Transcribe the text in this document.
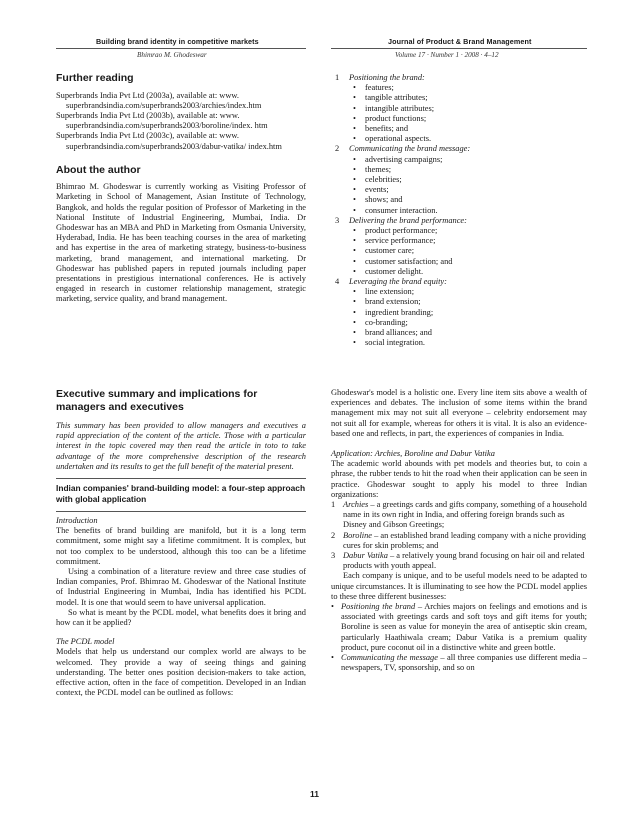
Building brand identity in competitive markets
Bhimrao M. Ghodeswar
Journal of Product & Brand Management
Volume 17 · Number 1 · 2008 · 4–12
Further reading

Superbrands India Pvt Ltd (2003a), available at: www. superbrandsindia.com/superbrands2003/archies/index.htm

Superbrands India Pvt Ltd (2003b), available at: www. superbrandsindia.com/superbrands2003/boroline/index. htm

Superbrands India Pvt Ltd (2003c), available at: www. superbrandsindia.com/superbrands2003/dabur-vatika/ index.htm

About the author

Bhimrao M. Ghodeswar is currently working as Visiting Professor of Marketing in School of Management, Asian Institute of Technology, Bangkok, and holds the regular position of Professor of Marketing in the National Institute of Industrial Engineering, Mumbai, India. Dr Ghodeswar has an MBA and PhD in Marketing from Osmania University, Hyderabad, India. He has been teaching courses in the area of marketing and has expertise in the area of marketing strategy, business-to-business marketing, brand management, and international marketing. Dr Ghodeswar has published papers in reputed journals including paper presentations in prestigious international conferences. He is actively engaged in research in customer relationship management, strategic marketing, service quality, and brand management.

1 Positioning the brand:
• features;
• tangible attributes;
• intangible attributes;
• product functions;
• benefits; and
• operational aspects.
2 Communicating the brand message:
• advertising campaigns;
• themes;
• celebrities;
• events;
• shows; and
• consumer interaction.
3 Delivering the brand performance:
• product performance;
• service performance;
• customer care;
• customer satisfaction; and
• customer delight.
4 Leveraging the brand equity:
• line extension;
• brand extension;
• ingredient branding;
• co-branding;
• brand alliances; and
• social integration.
Executive summary and implications for managers and executives

This summary has been provided to allow managers and executives a rapid appreciation of the content of the article. Those with a particular interest in the topic covered may then read the article in toto to take advantage of the more comprehensive description of the research undertaken and its results to get the full benefit of the material present.

Indian companies' brand-building model: a four-step approach with global application

Introduction

The benefits of brand building are manifold, but it is a long term commitment, some might say a lifetime commitment. It is complex, but not too complex to be understood, although this too can be a lifetime commitment.

Using a combination of a literature review and three case studies of Indian companies, Prof. Bhimrao M. Ghodeswar of the National Institute of Industrial Engineering in Mumbai, India has identified his PCDL model. It is one that would seem to have universal application.

So what is meant by the PCDL model, what benefits does it bring and how can it be applied?

The PCDL model

Models that help us understand our complex world are always to be welcomed. They provide a way of seeing things and gaining understanding. The better ones position decision-makers to take action, effective action, often in the face of competition. Developed in an Indian context, the PCDL model can be outlined as follows:

Ghodeswar's model is a holistic one. Every line item sits above a wealth of experiences and debates. The inclusion of some items within the brand management mix may not suit all everyone – celebrity endorsement may not suit all for example, whereas for others it is vital. It is also an evidence-based one and reflects, in part, the experiences of companies in India.

Application: Archies, Boroline and Dabur Vatika

The academic world abounds with pet models and theories but, to coin a phrase, the rubber tends to hit the road when their application can be seen in practice. Ghodeswar sought to apply his model to three Indian organizations:

1 Archies – a greetings cards and gifts company, something of a household name in its own right in India, and offering foreign brands such as Disney and Gibson Greetings;
2 Boroline – an established brand leading company with a niche providing cures for skin problems; and
3 Dabur Vatika – a relatively young brand focusing on hair oil and related products with youth appeal.

Each company is unique, and to be useful models need to be adapted to unique circumstances. It is illuminating to see how the PCDL model applies to these three different businesses:

• Positioning the brand – Archies majors on feelings and emotions and is associated with greetings cards and soft toys and gift items for youth; Boroline is seen as value for moneyin the area of antiseptic skin cream, particularly Haathiwala cream; Dabur Vatika is a premium quality product, pure coconut oil in a distinctive white and green bottle.
• Communicating the message – all three companies use different media – newspapers, TV, sponsorship, and so on
11
